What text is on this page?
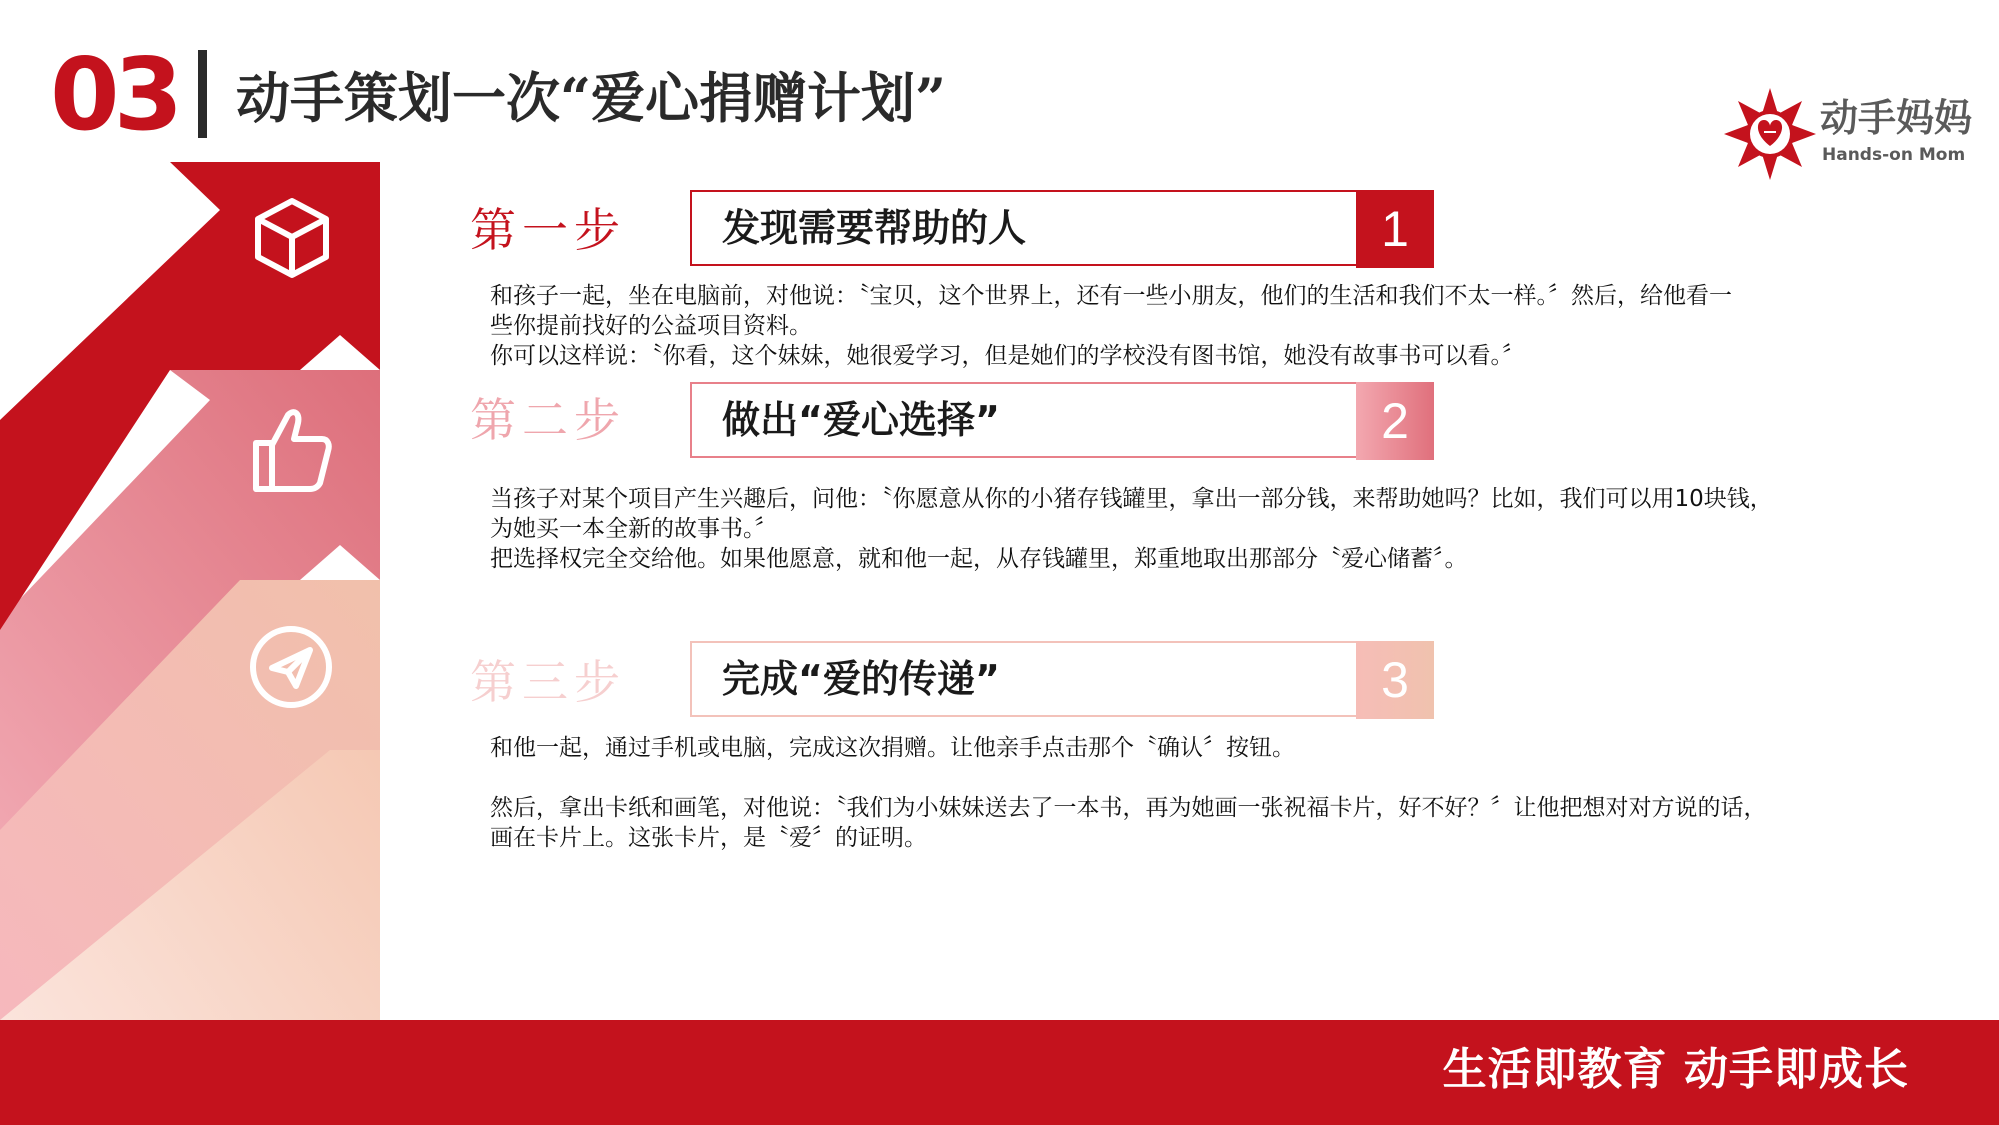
03 动手策划一次“爱心捐赠计划”	动手妈妈
Hands-on Mom
第一步	发现需要帮助的人	1
和孩子一起，坐在电脑前，对他说：〝宝贝，这个世界上，还有一些小朋友，他们的生活和我们不太一样。〞然后，给他看一
些你提前找好的公益项目资料。
你可以这样说：〝你看，这个妹妹，她很爱学习，但是她们的学校没有图书馆，她没有故事书可以看。〞
第二步	做出“爱心选择”	2
当孩子对某个项目产生兴趣后，问他：〝你愿意从你的小猪存钱罐里，拿出一部分钱，来帮助她吗？比如，我们可以用10块钱，
为她买一本全新的故事书。〞
把选择权完全交给他。如果他愿意，就和他一起，从存钱罐里，郑重地取出那部分〝爱心储蓄〞。
第三步	完成“爱的传递”	3
和他一起，通过手机或电脑，完成这次捐赠。让他亲手点击那个〝确认〞按钮。
然后，拿出卡纸和画笔，对他说：〝我们为小妹妹送去了一本书，再为她画一张祝福卡片，好不好？〞让他把想对对方说的话，
画在卡片上。这张卡片，是〝爱〞的证明。
生活即教育 动手即成长
